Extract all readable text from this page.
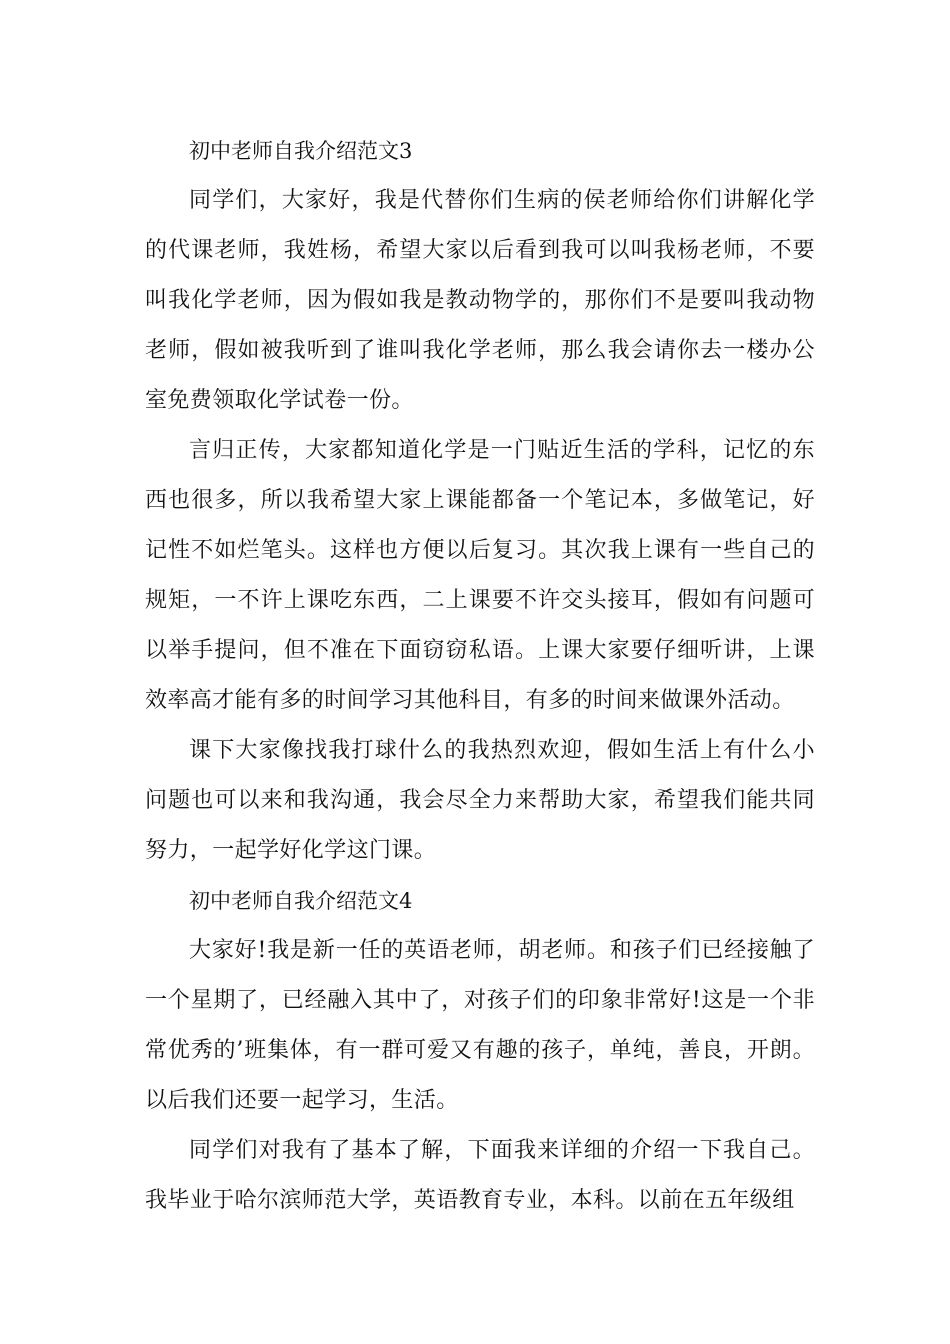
初中老师自我介绍范文3

同学们，大家好，我是代替你们生病的侯老师给你们讲解化学的代课老师，我姓杨，希望大家以后看到我可以叫我杨老师，不要叫我化学老师，因为假如我是教动物学的，那你们不是要叫我动物老师，假如被我听到了谁叫我化学老师，那么我会请你去一楼办公室免费领取化学试卷一份。

言归正传，大家都知道化学是一门贴近生活的学科，记忆的东西也很多，所以我希望大家上课能都备一个笔记本，多做笔记，好记性不如烂笔头。这样也方便以后复习。其次我上课有一些自己的规矩，一不许上课吃东西，二上课要不许交头接耳，假如有问题可以举手提问，但不准在下面窃窃私语。上课大家要仔细听讲，上课效率高才能有多的时间学习其他科目，有多的时间来做课外活动。

课下大家像找我打球什么的我热烈欢迎，假如生活上有什么小问题也可以来和我沟通，我会尽全力来帮助大家，希望我们能共同努力，一起学好化学这门课。

初中老师自我介绍范文4

大家好!我是新一任的英语老师，胡老师。和孩子们已经接触了一个星期了，已经融入其中了，对孩子们的印象非常好!这是一个非常优秀的’班集体，有一群可爱又有趣的孩子，单纯，善良，开朗。以后我们还要一起学习，生活。

同学们对我有了基本了解，下面我来详细的介绍一下我自己。我毕业于哈尔滨师范大学，英语教育专业，本科。以前在五年级组
